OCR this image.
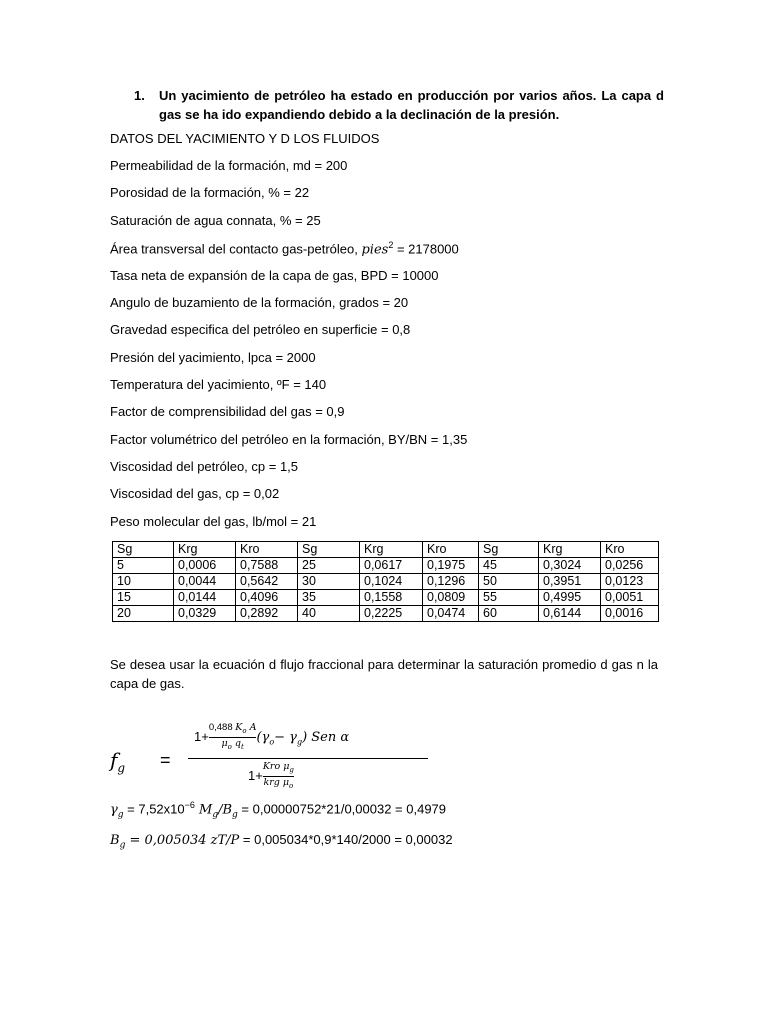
1. Un yacimiento de petróleo ha estado en producción por varios años. La capa d gas se ha ido expandiendo debido a la declinación de la presión.
DATOS DEL YACIMIENTO Y D LOS FLUIDOS
Permeabilidad de la formación, md = 200
Porosidad de la formación, % = 22
Saturación de agua connata, % = 25
Área transversal del contacto gas-petróleo, pies$^2$ = 2178000
Tasa neta de expansión de la capa de gas, BPD = 10000
Angulo de buzamiento de la formación, grados = 20
Gravedad especifica del petróleo en superficie = 0,8
Presión del yacimiento, lpca = 2000
Temperatura del yacimiento, ºF = 140
Factor de comprensibilidad del gas = 0,9
Factor volumétrico del petróleo en la formación, BY/BN = 1,35
Viscosidad del petróleo, cp = 1,5
Viscosidad del gas, cp = 0,02
Peso molecular del gas, lb/mol = 21
Sg	Krg	Kro	Sg	Krg	Kro	Sg	Krg	Kro
5	0,0006	0,7588	25	0,0617	0,1975	45	0,3024	0,0256
10	0,0044	0,5642	30	0,1024	0,1296	50	0,3951	0,0123
15	0,0144	0,4096	35	0,1558	0,0809	55	0,4995	0,0051
20	0,0329	0,2892	40	0,2225	0,0474	60	0,6144	0,0016
Se desea usar la ecuación d flujo fraccional para determinar la saturación promedio d gas n la capa de gas.
$f_g$ =
$1+ \frac{0,488 K_o A}{\mu_o q_t} (\gamma_o- \gamma_g)$ Sen α
1+
Kro $\mu_g$
krg $\mu_o$
$\gamma_g = 7,52x10^{-6}$ $M_g/B_g = 0,00000752*21/0,00032 = 0,4979$
$B_g = 0,005034$ zT/P = 0,005034*0,9*140/2000 = 0,00032
